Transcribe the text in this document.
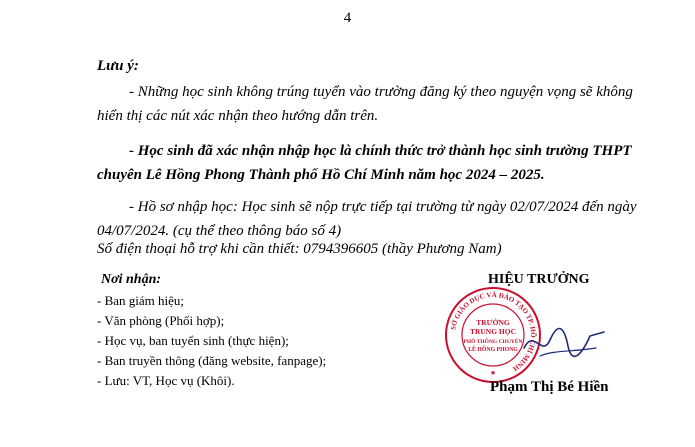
4
Lưu ý:
- Những học sinh không trúng tuyển vào trường đăng ký theo nguyện vọng sẽ không
hiển thị các nút xác nhận theo hướng dẫn trên.
- Học sinh đã xác nhận nhập học là chính thức trở thành học sinh trường THPT
chuyên Lê Hồng Phong Thành phố Hồ Chí Minh năm học 2024 – 2025.
- Hồ sơ nhập học: Học sinh sẽ nộp trực tiếp tại trường từ ngày 02/07/2024 đến ngày
04/07/2024. (cụ thể theo thông báo số 4)
Số điện thoại hỗ trợ khi cần thiết: 0794396605 (thầy Phương Nam)
Nơi nhận:
- Ban giám hiệu;
- Văn phòng (Phối hợp);
- Học vụ, ban tuyển sinh (thực hiện);
- Ban truyền thông (đăng website, fanpage);
- Lưu: VT, Học vụ (Khôi).
HIỆU TRƯỞNG
SỞ GIÁO DỤC VÀ ĐÀO TẠO TP. HỒ CHÍ MINH
TRƯỜNG
TRUNG HỌC
PHỔ THÔNG CHUYÊN
LÊ HỒNG PHONG
★
Phạm Thị Bé Hiền
